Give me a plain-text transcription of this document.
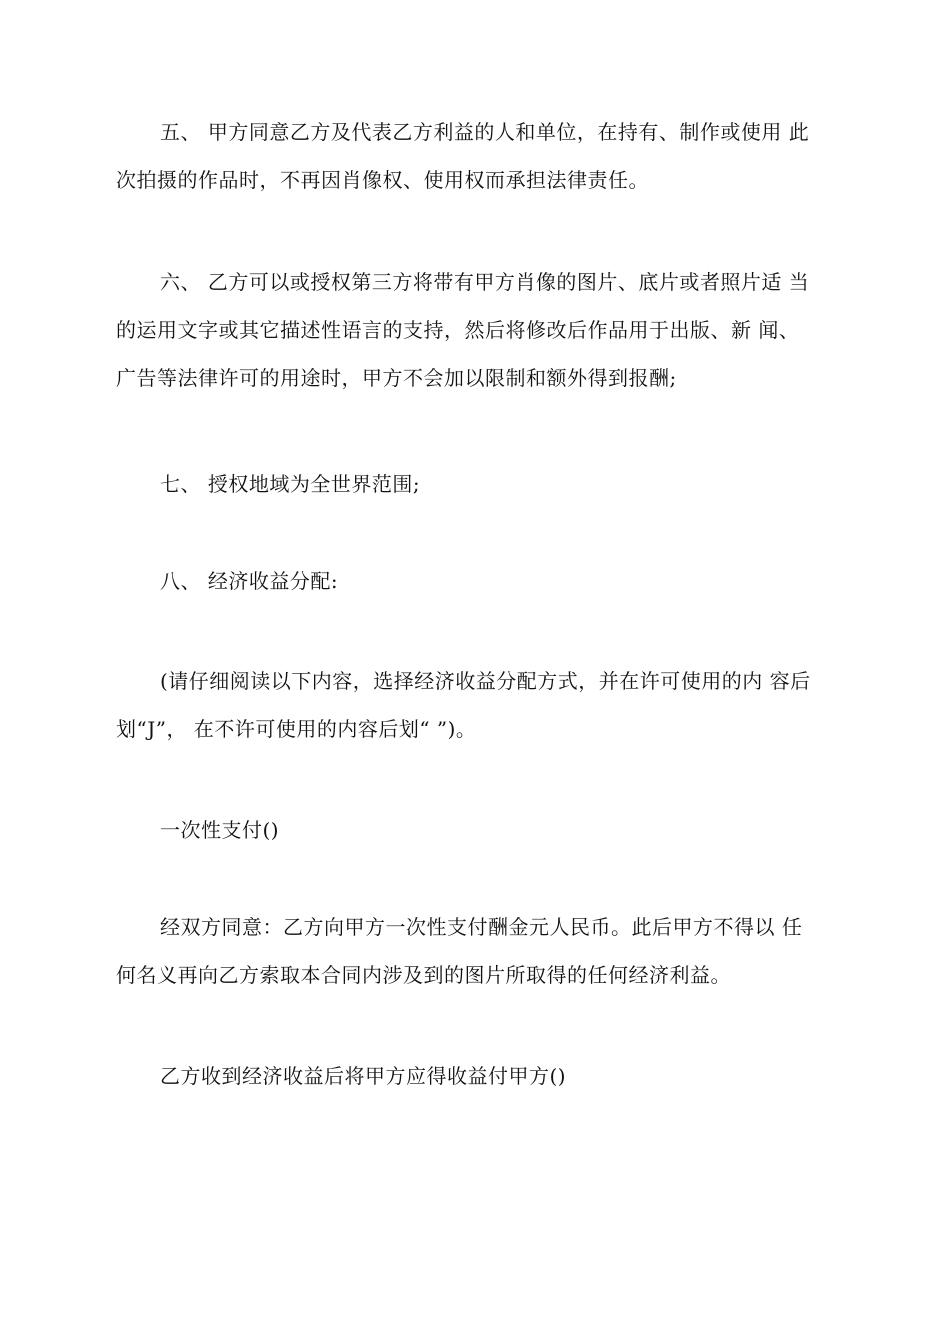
五、 甲方同意乙方及代表乙方利益的人和单位，在持有、制作或使用 此
次拍摄的作品时，不再因肖像权、使用权而承担法律责任。

六、 乙方可以或授权第三方将带有甲方肖像的图片、底片或者照片适 当
的运用文字或其它描述性语言的支持，然后将修改后作品用于出版、新 闻、
广告等法律许可的用途时，甲方不会加以限制和额外得到报酬;

七、 授权地域为全世界范围;

八、 经济收益分配:

(请仔细阅读以下内容，选择经济收益分配方式，并在许可使用的内 容后
划“J”， 在不许可使用的内容后划“ ”)。

一次性支付()

经双方同意：乙方向甲方一次性支付酬金元人民币。此后甲方不得以 任
何名义再向乙方索取本合同内涉及到的图片所取得的任何经济利益。

乙方收到经济收益后将甲方应得收益付甲方()
